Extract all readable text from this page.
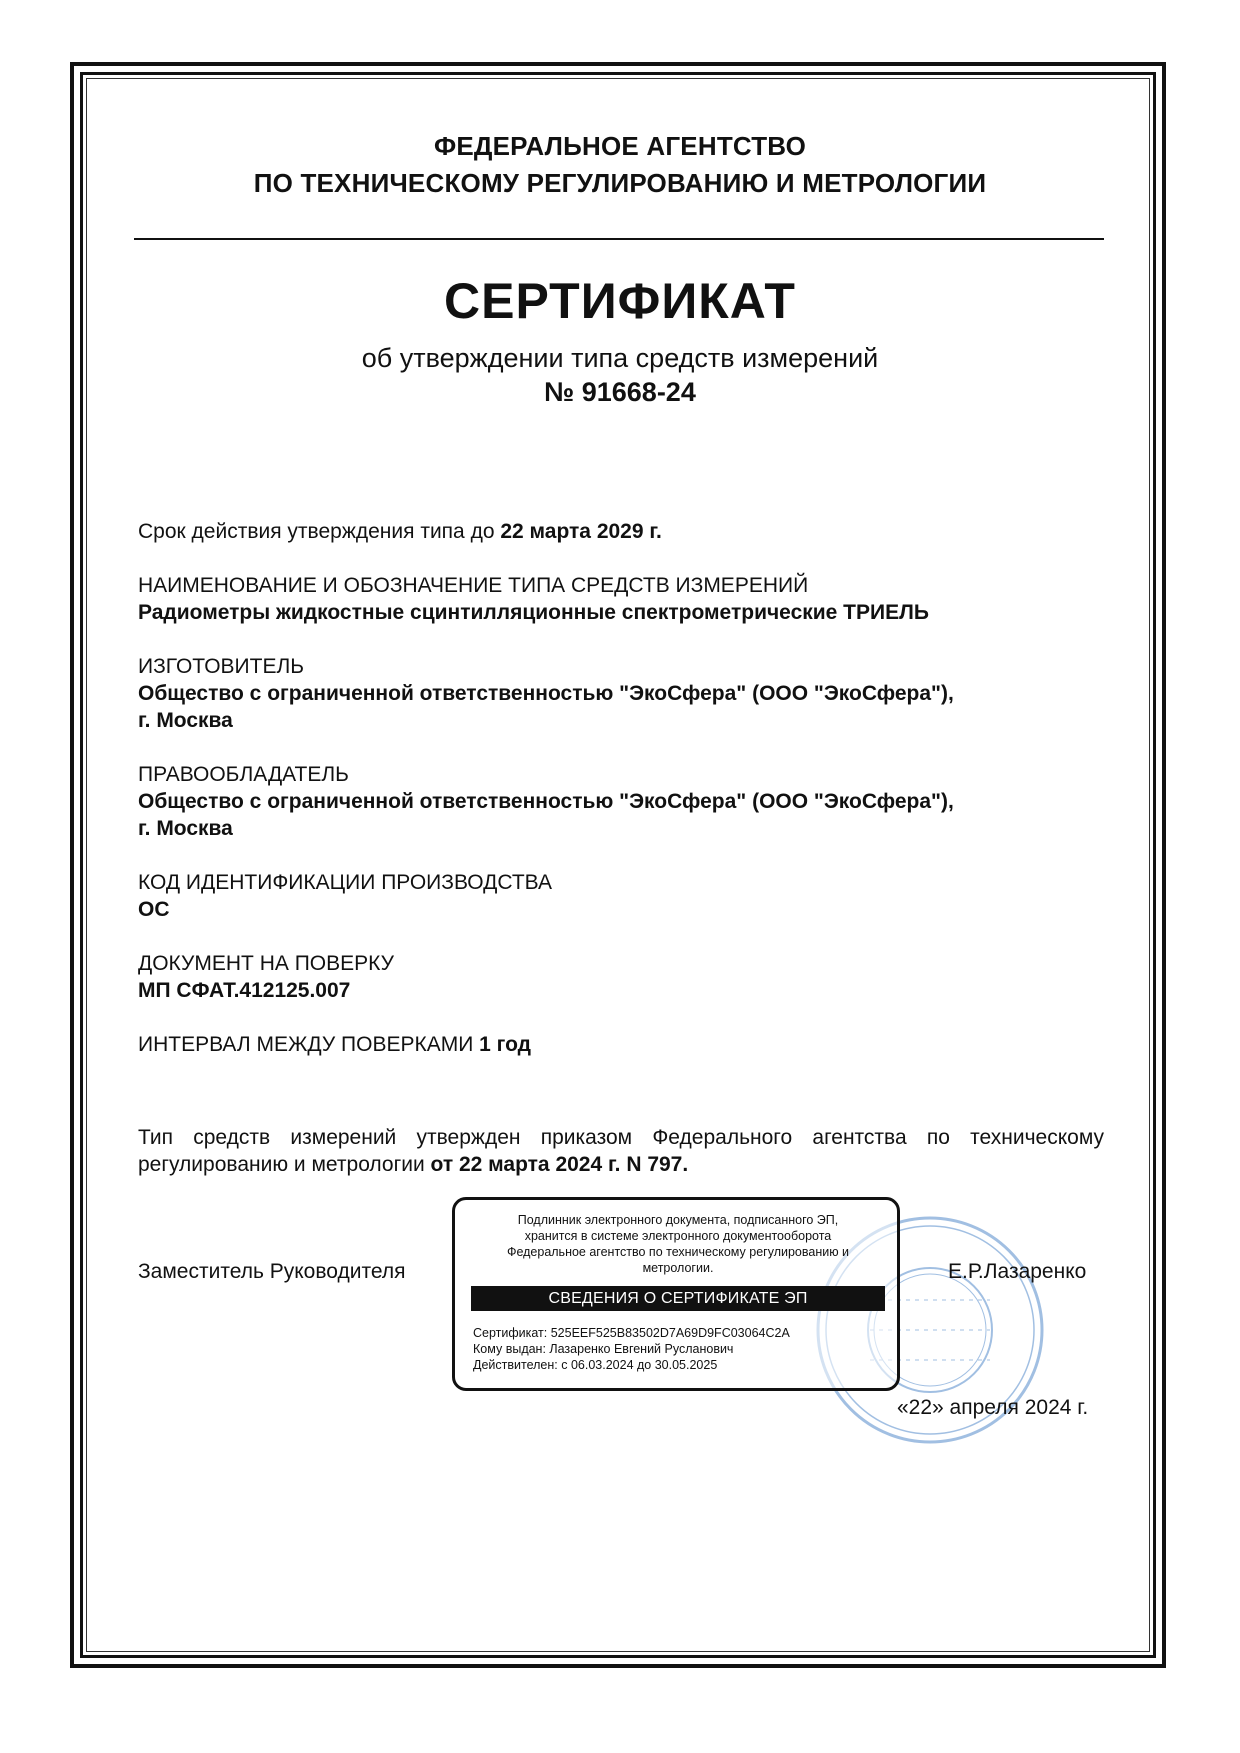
ФЕДЕРАЛЬНОЕ АГЕНТСТВО
ПО ТЕХНИЧЕСКОМУ РЕГУЛИРОВАНИЮ И МЕТРОЛОГИИ
СЕРТИФИКАТ
об утверждении типа средств измерений
№ 91668-24
Срок действия утверждения типа до 22 марта 2029 г.
НАИМЕНОВАНИЕ И ОБОЗНАЧЕНИЕ ТИПА СРЕДСТВ ИЗМЕРЕНИЙ
Радиометры жидкостные сцинтилляционные спектрометрические ТРИЕЛЬ
ИЗГОТОВИТЕЛЬ
Общество с ограниченной ответственностью "ЭкоСфера" (ООО "ЭкоСфера"),
г. Москва
ПРАВООБЛАДАТЕЛЬ
Общество с ограниченной ответственностью "ЭкоСфера" (ООО "ЭкоСфера"),
г. Москва
КОД ИДЕНТИФИКАЦИИ ПРОИЗВОДСТВА
ОС
ДОКУМЕНТ НА ПОВЕРКУ
МП СФАТ.412125.007
ИНТЕРВАЛ МЕЖДУ ПОВЕРКАМИ 1 год
Тип средств измерений утвержден приказом Федерального агентства по техническому регулированию и метрологии от 22 марта 2024 г. N 797.
Заместитель Руководителя	Е.Р.Лазаренко
Подлинник электронного документа, подписанного ЭП,
хранится в системе электронного документооборота
Федеральное агентство по техническому регулированию и
метрологии.
СВЕДЕНИЯ О СЕРТИФИКАТЕ ЭП
Сертификат: 525EEF525B83502D7A69D9FC03064C2A
Кому выдан: Лазаренко Евгений Русланович
Действителен: с 06.03.2024 до 30.05.2025
«22» апреля 2024 г.
